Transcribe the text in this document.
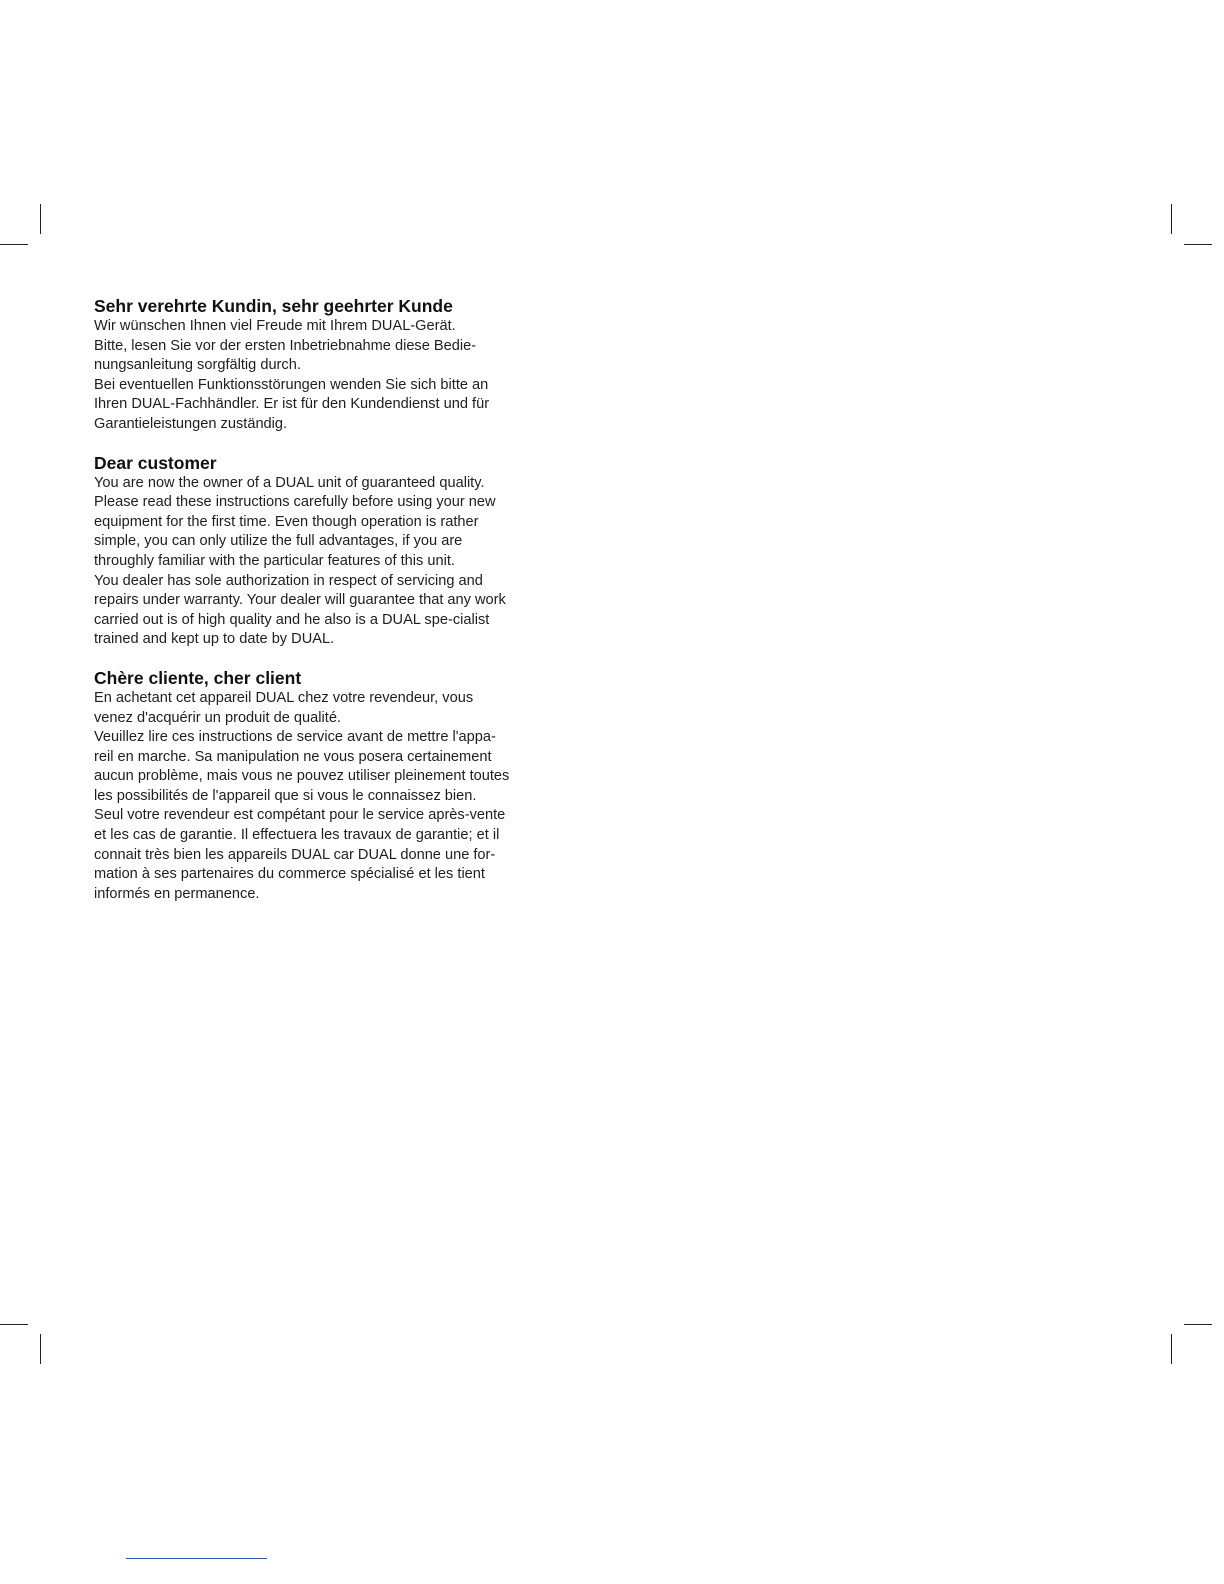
Sehr verehrte Kundin, sehr geehrter Kunde
Wir wünschen Ihnen viel Freude mit Ihrem DUAL-Gerät.
Bitte, lesen Sie vor der ersten Inbetriebnahme diese Bedie-
nungsanleitung sorgfältig durch.
Bei eventuellen Funktionsstörungen wenden Sie sich bitte an
Ihren DUAL-Fachhändler. Er ist für den Kundendienst und für
Garantieleistungen zuständig.
Dear customer
You are now the owner of a DUAL unit of guaranteed quality.
Please read these instructions carefully before using your new
equipment for the first time. Even though operation is rather
simple, you can only utilize the full advantages, if you are
throughly familiar with the particular features of this unit.
You dealer has sole authorization in respect of servicing and
repairs under warranty. Your dealer will guarantee that any work
carried out is of high quality and he also is a DUAL spe-cialist
trained and kept up to date by DUAL.
Chère cliente, cher client
En achetant cet appareil DUAL chez votre revendeur, vous
venez d'acquérir un produit de qualité.
Veuillez lire ces instructions de service avant de mettre l'appa-
reil en marche. Sa manipulation ne vous posera certainement
aucun problème, mais vous ne pouvez utiliser pleinement toutes
les possibilités de l'appareil que si vous le connaissez bien.
Seul votre revendeur est compétant pour le service après-vente
et les cas de garantie. Il effectuera les travaux de garantie; et il
connait très bien les appareils DUAL car DUAL donne une for-
mation à ses partenaires du commerce spécialisé et les tient
informés en permanence.
